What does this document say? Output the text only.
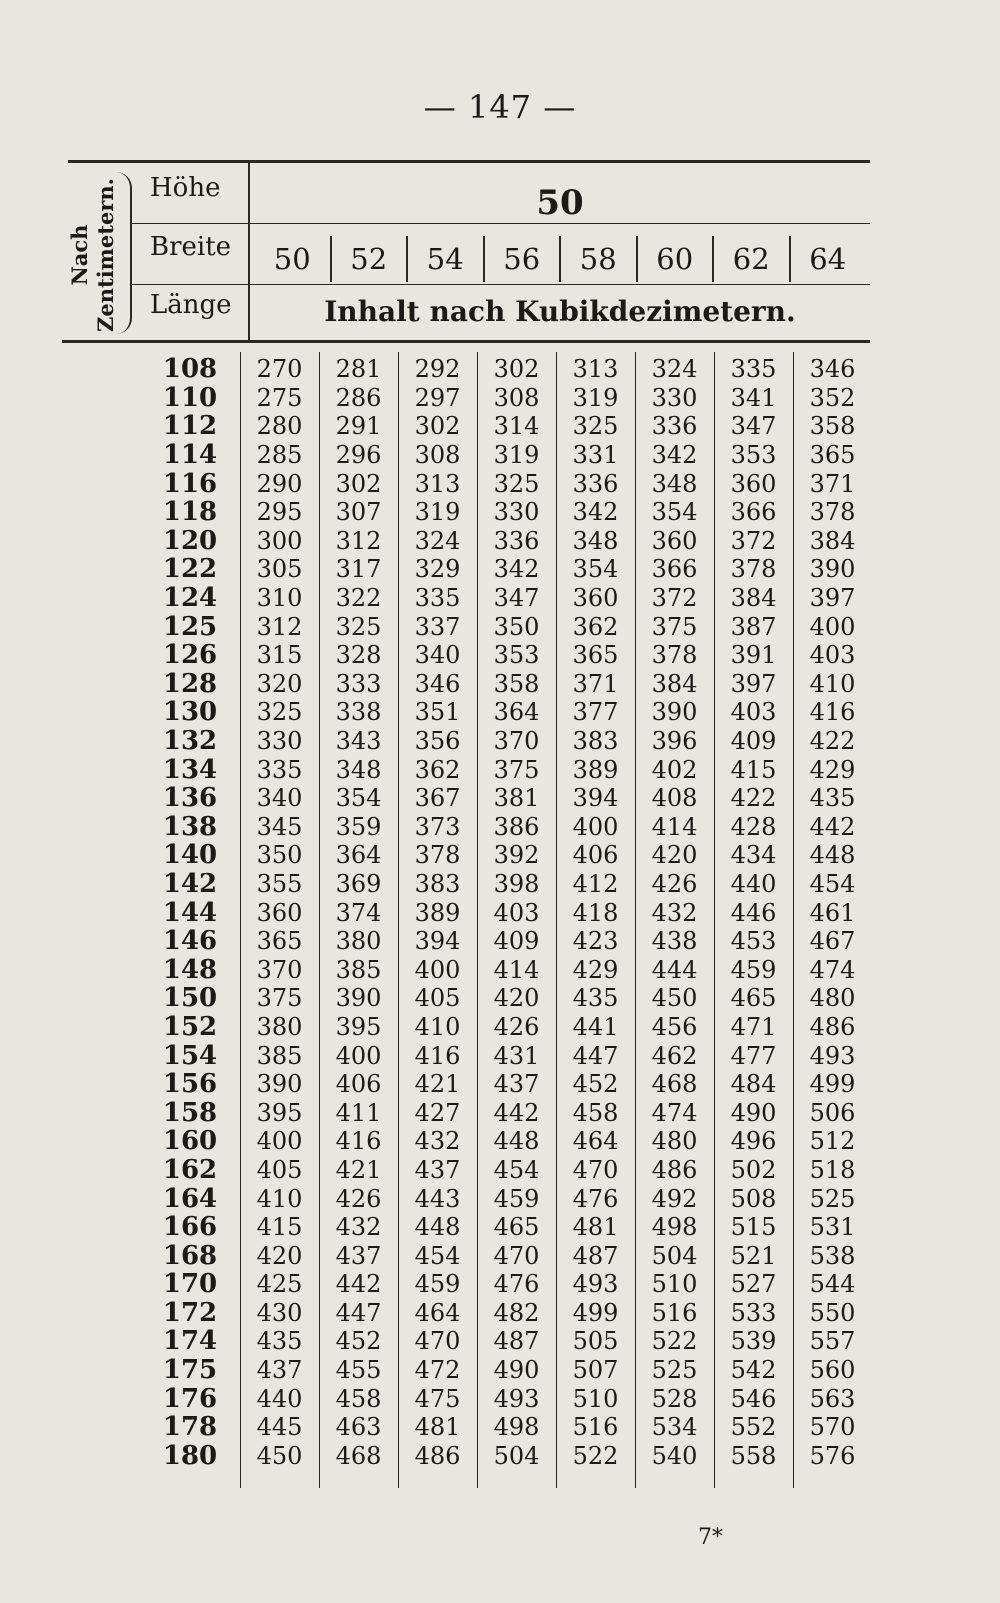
— 147 —
Nach Zentimetern. Höhe
Breite
Länge
50
50	52	54	56	58	60	62	64
Inhalt nach Kubikdezimetern.
108	270	281	292	302	313	324	335	346
110	275	286	297	308	319	330	341	352
112	280	291	302	314	325	336	347	358
114	285	296	308	319	331	342	353	365
116	290	302	313	325	336	348	360	371
118	295	307	319	330	342	354	366	378
120	300	312	324	336	348	360	372	384
122	305	317	329	342	354	366	378	390
124	310	322	335	347	360	372	384	397
125	312	325	337	350	362	375	387	400
126	315	328	340	353	365	378	391	403
128	320	333	346	358	371	384	397	410
130	325	338	351	364	377	390	403	416
132	330	343	356	370	383	396	409	422
134	335	348	362	375	389	402	415	429
136	340	354	367	381	394	408	422	435
138	345	359	373	386	400	414	428	442
140	350	364	378	392	406	420	434	448
142	355	369	383	398	412	426	440	454
144	360	374	389	403	418	432	446	461
146	365	380	394	409	423	438	453	467
148	370	385	400	414	429	444	459	474
150	375	390	405	420	435	450	465	480
152	380	395	410	426	441	456	471	486
154	385	400	416	431	447	462	477	493
156	390	406	421	437	452	468	484	499
158	395	411	427	442	458	474	490	506
160	400	416	432	448	464	480	496	512
162	405	421	437	454	470	486	502	518
164	410	426	443	459	476	492	508	525
166	415	432	448	465	481	498	515	531
168	420	437	454	470	487	504	521	538
170	425	442	459	476	493	510	527	544
172	430	447	464	482	499	516	533	550
174	435	452	470	487	505	522	539	557
175	437	455	472	490	507	525	542	560
176	440	458	475	493	510	528	546	563
178	445	463	481	498	516	534	552	570
180	450	468	486	504	522	540	558	576
7*
